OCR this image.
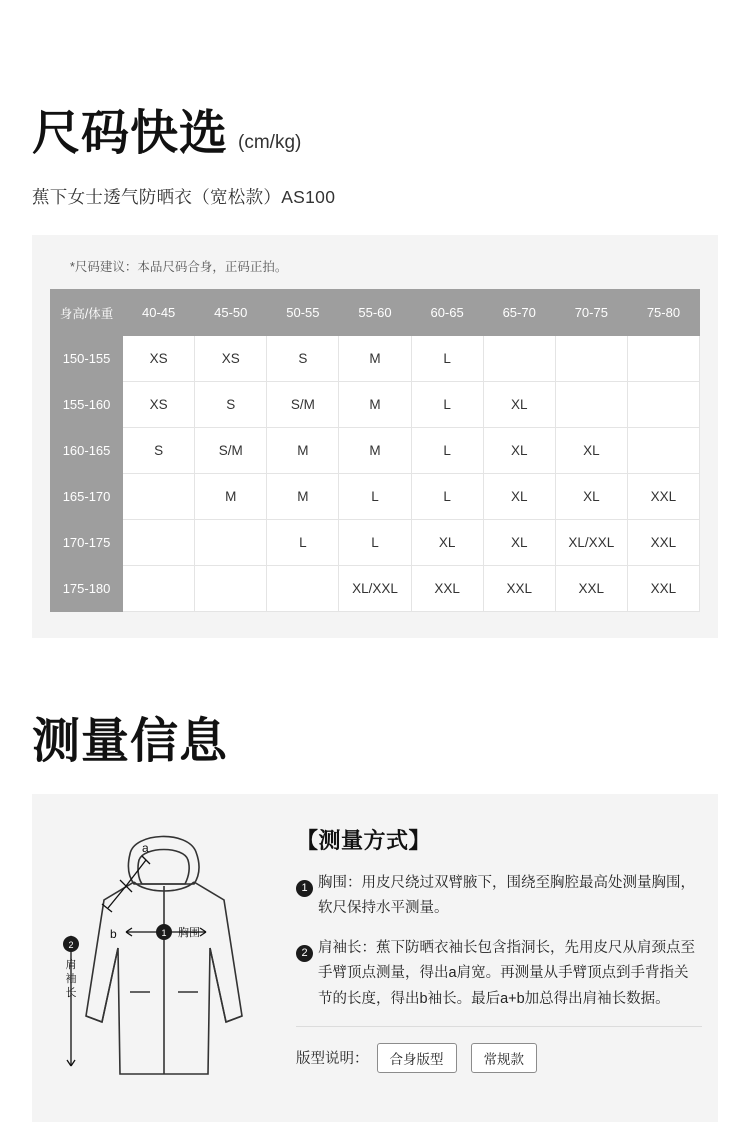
尺码快选 (cm/kg)
蕉下女士透气防晒衣（宽松款）AS100
*尺码建议：本品尺码合身，正码正拍。
身高/体重	40-45	45-50	50-55	55-60	60-65	65-70	70-75	75-80
150-155	XS	XS	S	M	L			
155-160	XS	S	S/M	M	L	XL		
160-165	S	S/M	M	M	L	XL	XL	
165-170		M	M	L	L	XL	XL	XXL
170-175			L	L	XL	XL	XL/XXL	XXL
175-180				XL/XXL	XXL	XXL	XXL	XXL
测量信息
a
b	1 胸围
2
肩
袖
长
【测量方式】
1 胸围：用皮尺绕过双臂腋下，围绕至胸腔最高处测量胸围，软尺保持水平测量。
2 肩袖长：蕉下防晒衣袖长包含指洞长，先用皮尺从肩颈点至手臂顶点测量，得出a肩宽。再测量从手臂顶点到手背指关节的长度，得出b袖长。最后a+b加总得出肩袖长数据。
版型说明：	合身版型	常规款
